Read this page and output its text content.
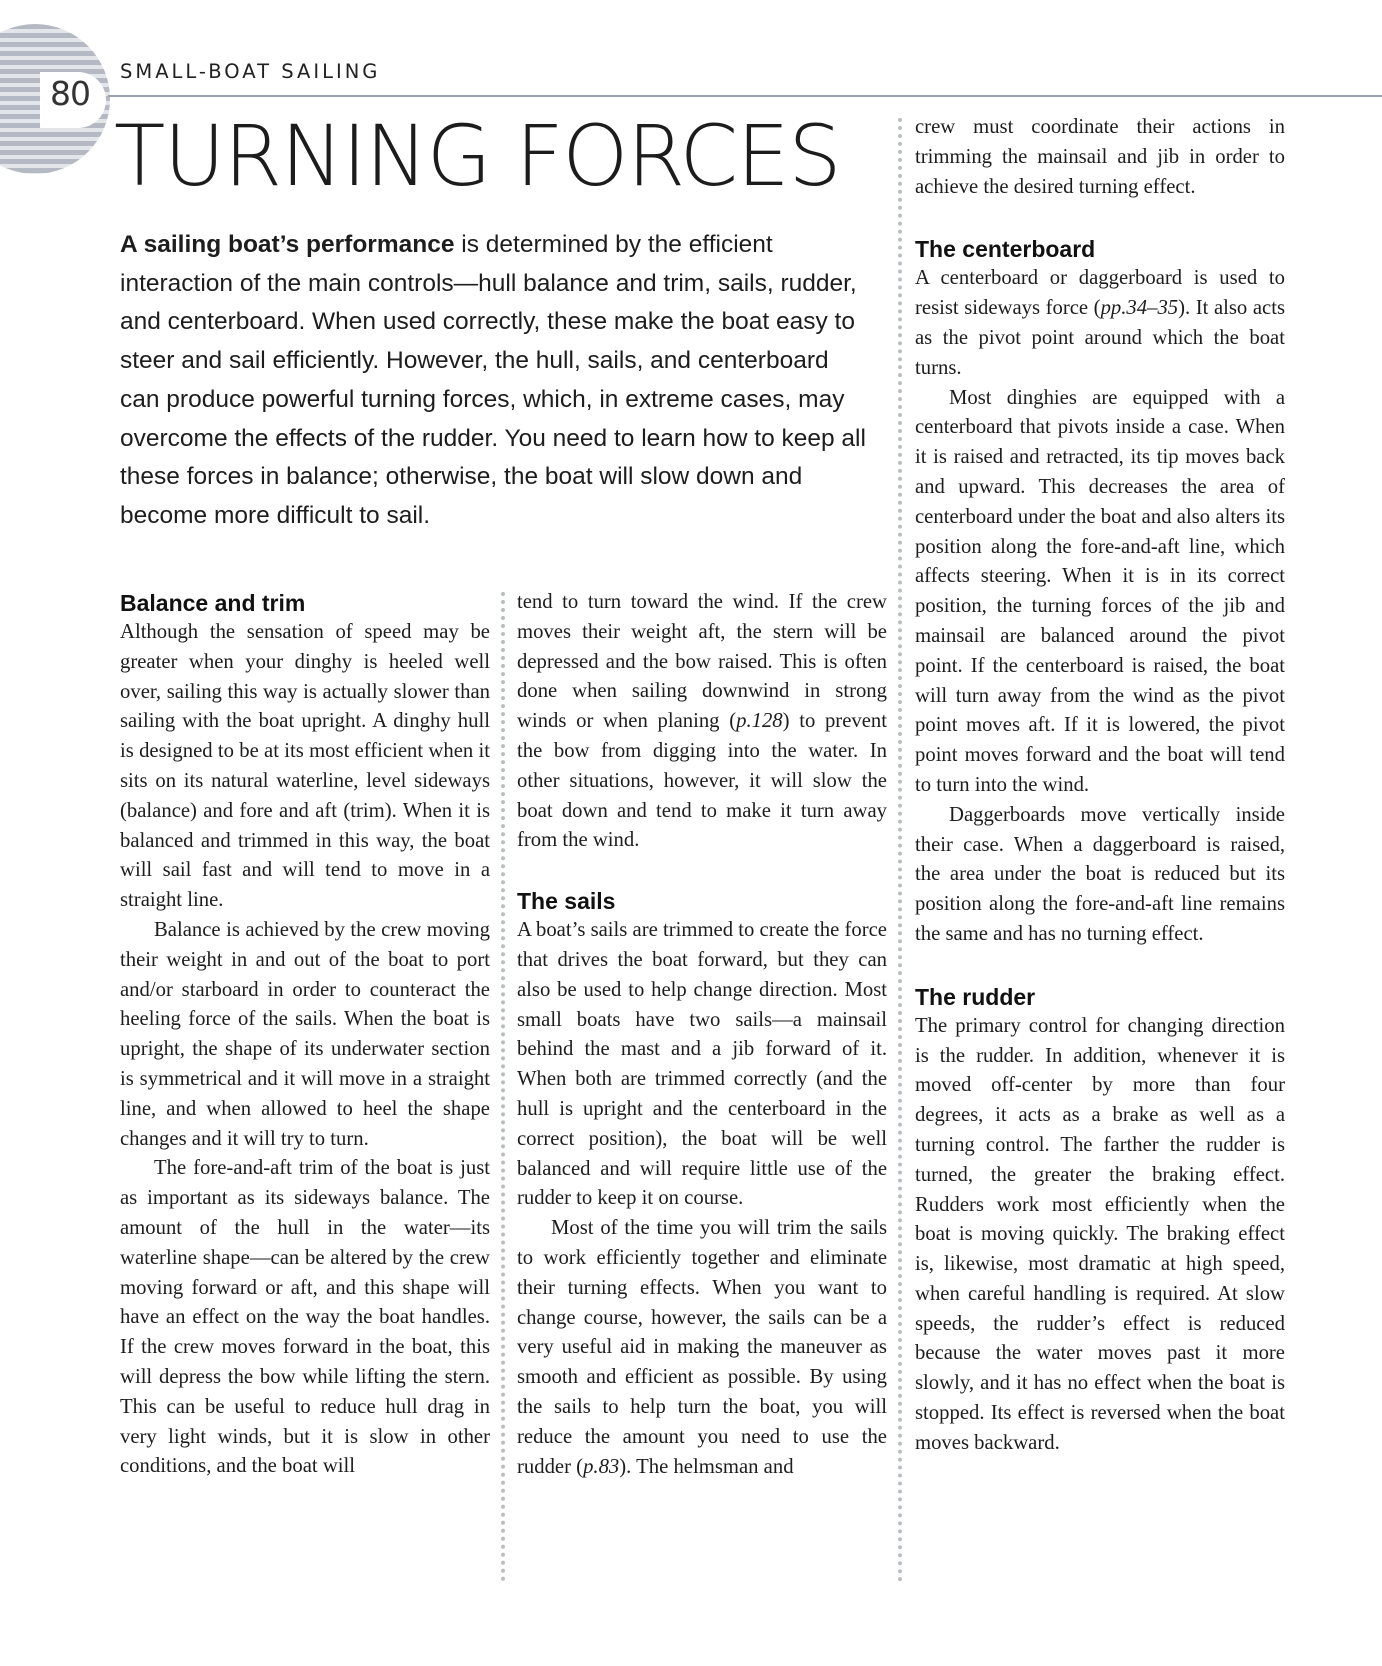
80

SMALL-BOAT SAILING

TURNING FORCES

A sailing boat’s performance is determined by the efficient interaction of the main controls—hull balance and trim, sails, rudder, and centerboard. When used correctly, these make the boat easy to steer and sail efficiently. However, the hull, sails, and centerboard can produce powerful turning forces, which, in extreme cases, may overcome the effects of the rudder. You need to learn how to keep all these forces in balance; otherwise, the boat will slow down and become more difficult to sail.

Balance and trim

Although the sensation of speed may be greater when your dinghy is heeled well over, sailing this way is actually slower than sailing with the boat upright. A dinghy hull is designed to be at its most efficient when it sits on its natural waterline, level sideways (balance) and fore and aft (trim). When it is balanced and trimmed in this way, the boat will sail fast and will tend to move in a straight line.

Balance is achieved by the crew moving their weight in and out of the boat to port and/or starboard in order to counteract the heeling force of the sails. When the boat is upright, the shape of its underwater section is symmetrical and it will move in a straight line, and when allowed to heel the shape changes and it will try to turn.

The fore-and-aft trim of the boat is just as important as its sideways balance. The amount of the hull in the water—its waterline shape—can be altered by the crew moving forward or aft, and this shape will have an effect on the way the boat handles. If the crew moves forward in the boat, this will depress the bow while lifting the stern. This can be useful to reduce hull drag in very light winds, but it is slow in other conditions, and the boat will

tend to turn toward the wind. If the crew moves their weight aft, the stern will be depressed and the bow raised. This is often done when sailing downwind in strong winds or when planing (p.128) to prevent the bow from digging into the water. In other situations, however, it will slow the boat down and tend to make it turn away from the wind.

The sails

A boat’s sails are trimmed to create the force that drives the boat forward, but they can also be used to help change direction. Most small boats have two sails—a mainsail behind the mast and a jib forward of it. When both are trimmed correctly (and the hull is upright and the centerboard in the correct position), the boat will be well balanced and will require little use of the rudder to keep it on course.

Most of the time you will trim the sails to work efficiently together and eliminate their turning effects. When you want to change course, however, the sails can be a very useful aid in making the maneuver as smooth and efficient as possible. By using the sails to help turn the boat, you will reduce the amount you need to use the rudder (p.83). The helmsman and

crew must coordinate their actions in trimming the mainsail and jib in order to achieve the desired turning effect.

The centerboard

A centerboard or daggerboard is used to resist sideways force (pp.34–35). It also acts as the pivot point around which the boat turns.

Most dinghies are equipped with a centerboard that pivots inside a case. When it is raised and retracted, its tip moves back and upward. This decreases the area of centerboard under the boat and also alters its position along the fore-and-aft line, which affects steering. When it is in its correct position, the turning forces of the jib and mainsail are balanced around the pivot point. If the centerboard is raised, the boat will turn away from the wind as the pivot point moves aft. If it is lowered, the pivot point moves forward and the boat will tend to turn into the wind.

Daggerboards move vertically inside their case. When a daggerboard is raised, the area under the boat is reduced but its position along the fore-and-aft line remains the same and has no turning effect.

The rudder

The primary control for changing direction is the rudder. In addition, whenever it is moved off-center by more than four degrees, it acts as a brake as well as a turning control. The farther the rudder is turned, the greater the braking effect. Rudders work most efficiently when the boat is moving quickly. The braking effect is, likewise, most dramatic at high speed, when careful handling is required. At slow speeds, the rudder’s effect is reduced because the water moves past it more slowly, and it has no effect when the boat is stopped. Its effect is reversed when the boat moves backward.
